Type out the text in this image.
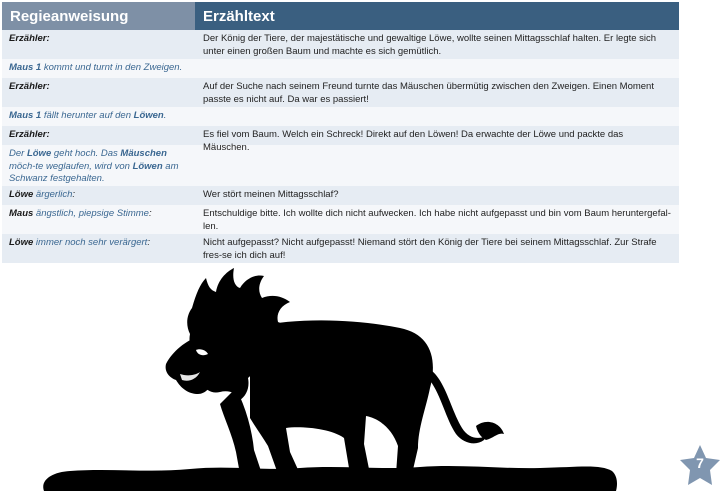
Regieanweisung	Erzähltext
Erzähler:	Der König der Tiere, der majestätische und gewaltige Löwe, wollte seinen Mittagsschlaf halten. Er legte sich unter einen großen Baum und machte es sich gemütlich.
Maus 1 kommt und turnt in den Zweigen.
Erzähler:	Auf der Suche nach seinem Freund turnte das Mäuschen übermütig zwischen den Zweigen. Einen Moment passte es nicht auf. Da war es passiert!
Maus 1 fällt herunter auf den Löwen.
Erzähler:	Es fiel vom Baum. Welch ein Schreck! Direkt auf den Löwen! Da erwachte der Löwe und packte das Mäuschen.
Der Löwe geht hoch. Das Mäuschen möch-te weglaufen, wird von Löwen am Schwanz festgehalten.
Löwe ärgerlich:	Wer stört meinen Mittagsschlaf?
Maus ängstlich, piepsige Stimme:	Entschuldige bitte. Ich wollte dich nicht aufwecken. Ich habe nicht aufgepasst und bin vom Baum heruntergefal-len.
Löwe immer noch sehr verärgert:	Nicht aufgepasst? Nicht aufgepasst! Niemand stört den König der Tiere bei seinem Mittagsschlaf. Zur Strafe fres-se ich dich auf!
7
